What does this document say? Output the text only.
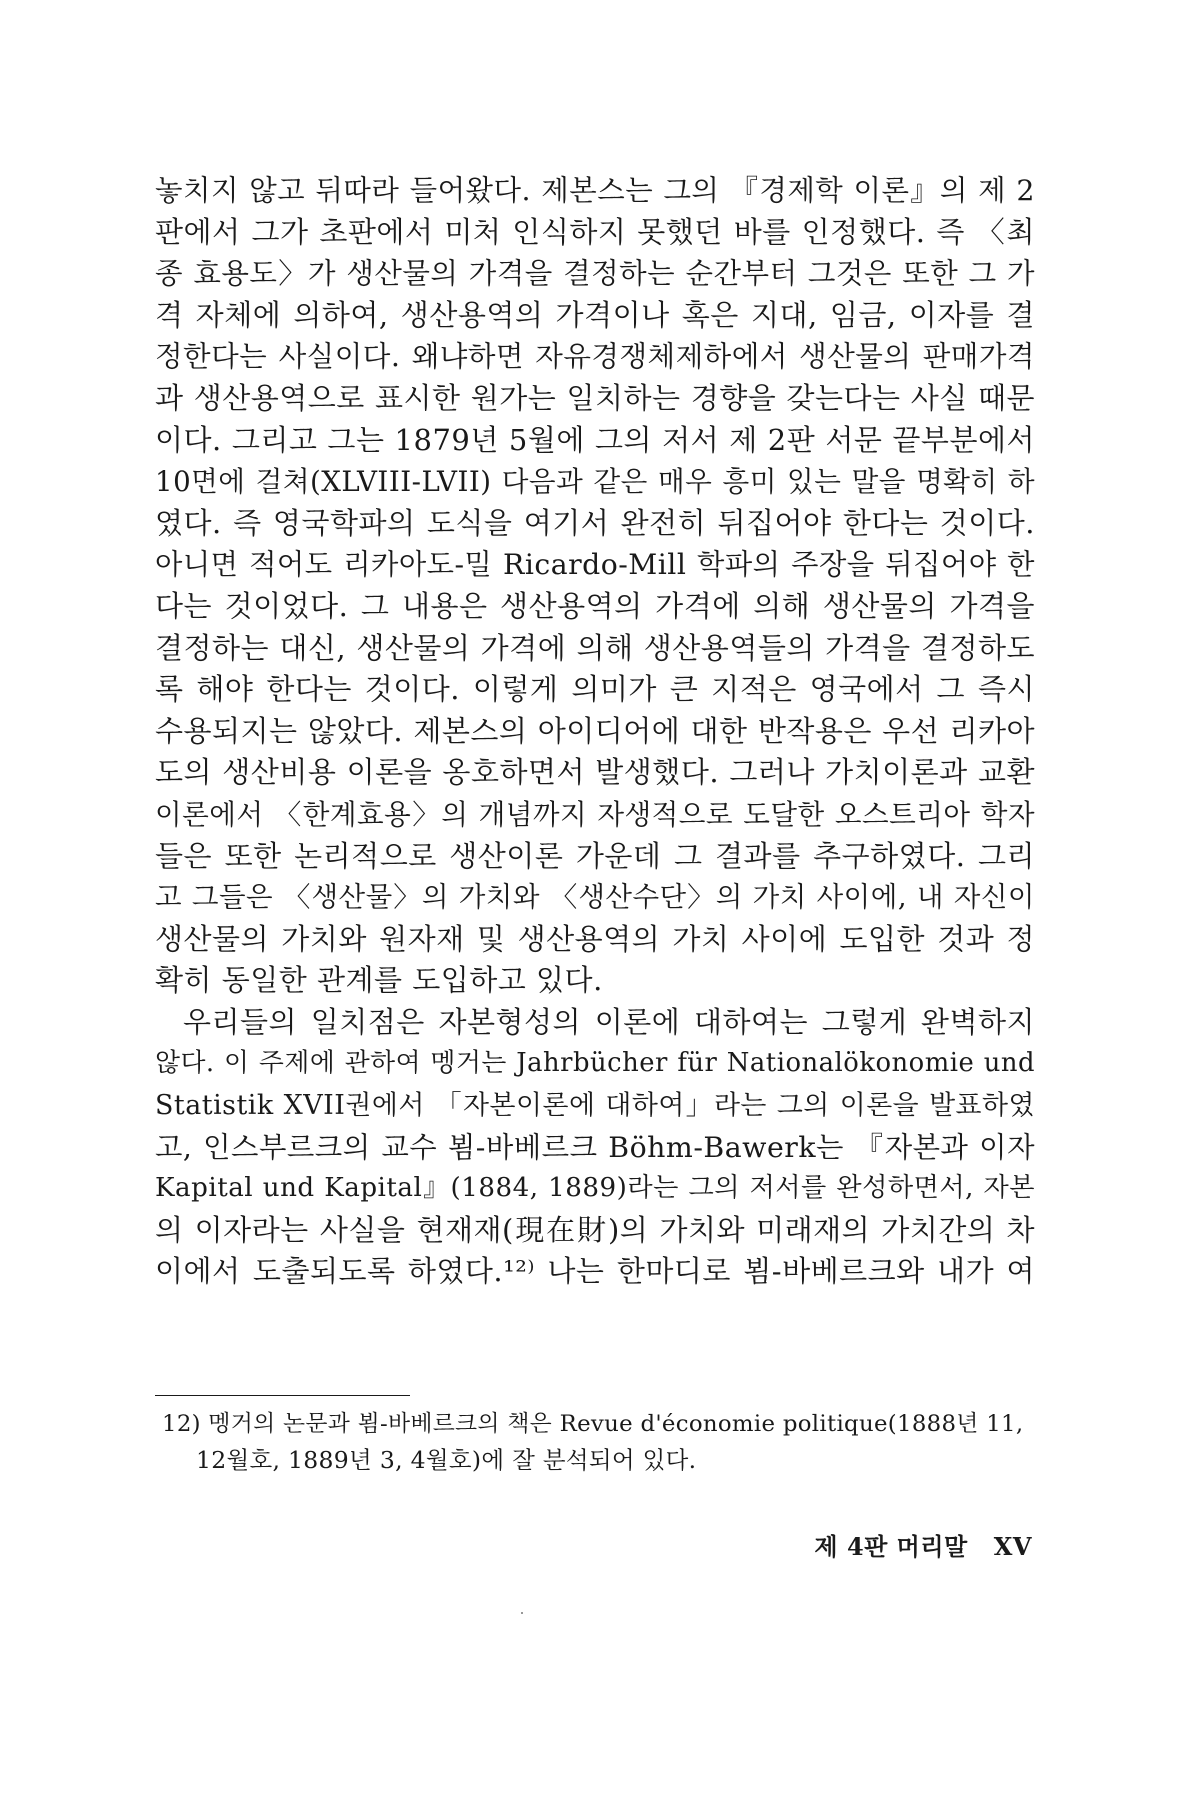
놓치지 않고 뒤따라 들어왔다. 제본스는 그의 『경제학 이론』의 제 2
판에서 그가 초판에서 미처 인식하지 못했던 바를 인정했다. 즉 〈최
종 효용도〉가 생산물의 가격을 결정하는 순간부터 그것은 또한 그 가
격 자체에 의하여, 생산용역의 가격이나 혹은 지대, 임금, 이자를 결
정한다는 사실이다. 왜냐하면 자유경쟁체제하에서 생산물의 판매가격
과 생산용역으로 표시한 원가는 일치하는 경향을 갖는다는 사실 때문
이다. 그리고 그는 1879년 5월에 그의 저서 제 2판 서문 끝부분에서
10면에 걸쳐(XLVIII-LVII) 다음과 같은 매우 흥미 있는 말을 명확히 하
였다. 즉 영국학파의 도식을 여기서 완전히 뒤집어야 한다는 것이다.
아니면 적어도 리카아도-밀 Ricardo-Mill 학파의 주장을 뒤집어야 한
다는 것이었다. 그 내용은 생산용역의 가격에 의해 생산물의 가격을
결정하는 대신, 생산물의 가격에 의해 생산용역들의 가격을 결정하도
록 해야 한다는 것이다. 이렇게 의미가 큰 지적은 영국에서 그 즉시
수용되지는 않았다. 제본스의 아이디어에 대한 반작용은 우선 리카아
도의 생산비용 이론을 옹호하면서 발생했다. 그러나 가치이론과 교환
이론에서 〈한계효용〉의 개념까지 자생적으로 도달한 오스트리아 학자
들은 또한 논리적으로 생산이론 가운데 그 결과를 추구하였다. 그리
고 그들은 〈생산물〉의 가치와 〈생산수단〉의 가치 사이에, 내 자신이
생산물의 가치와 원자재 및 생산용역의 가치 사이에 도입한 것과 정
확히 동일한 관계를 도입하고 있다.
우리들의 일치점은 자본형성의 이론에 대하여는 그렇게 완벽하지
않다. 이 주제에 관하여 멩거는 Jahrbücher für Nationalökonomie und
Statistik XVII권에서 「자본이론에 대하여」라는 그의 이론을 발표하였
고, 인스부르크의 교수 뵘-바베르크 Böhm-Bawerk는 『자본과 이자
Kapital und Kapital』(1884, 1889)라는 그의 저서를 완성하면서, 자본
의 이자라는 사실을 현재재(現在財)의 가치와 미래재의 가치간의 차
이에서 도출되도록 하였다.¹²⁾ 나는 한마디로 뵘-바베르크와 내가 여
12) 멩거의 논문과 뵘-바베르크의 책은 Revue d'économie politique(1888년 11,
12월호, 1889년 3, 4월호)에 잘 분석되어 있다.
제 4판 머리말 XV
